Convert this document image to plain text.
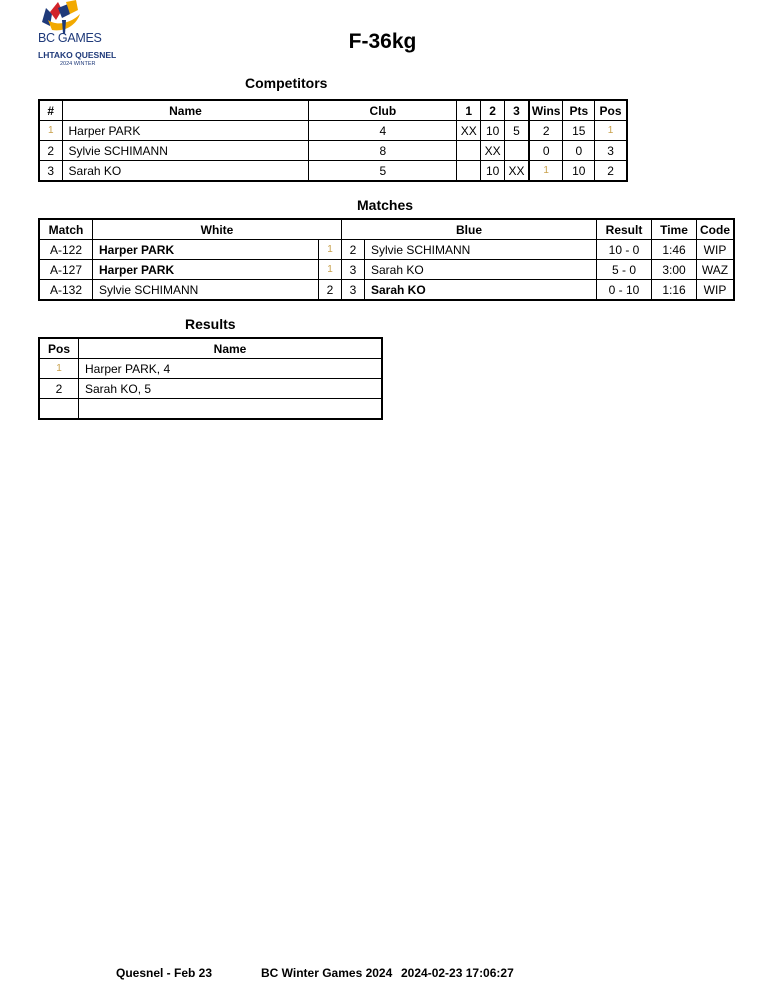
BC GAMES
LHTAKO QUESNEL
2024 WINTER
F-36kg
Competitors
#	Name	Club	1	2	3	Wins	Pts	Pos
1	Harper PARK	4	XX	10	5	2	15	1
2	Sylvie SCHIMANN	8		XX		0	0	3
3	Sarah KO	5		10	XX	1	10	2
Matches
Match	White		Blue		Result	Time	Code
A-122	Harper PARK	1	2	Sylvie SCHIMANN	10 - 0	1:46	WIP
A-127	Harper PARK	1	3	Sarah KO	5 - 0	3:00	WAZ
A-132	Sylvie SCHIMANN	2	3	Sarah KO	0 - 10	1:16	WIP
Results
Pos	Name
1	Harper PARK, 4
2	Sarah KO, 5

Quesnel - Feb 23	BC Winter Games 2024 2024-02-23 17:06:27
